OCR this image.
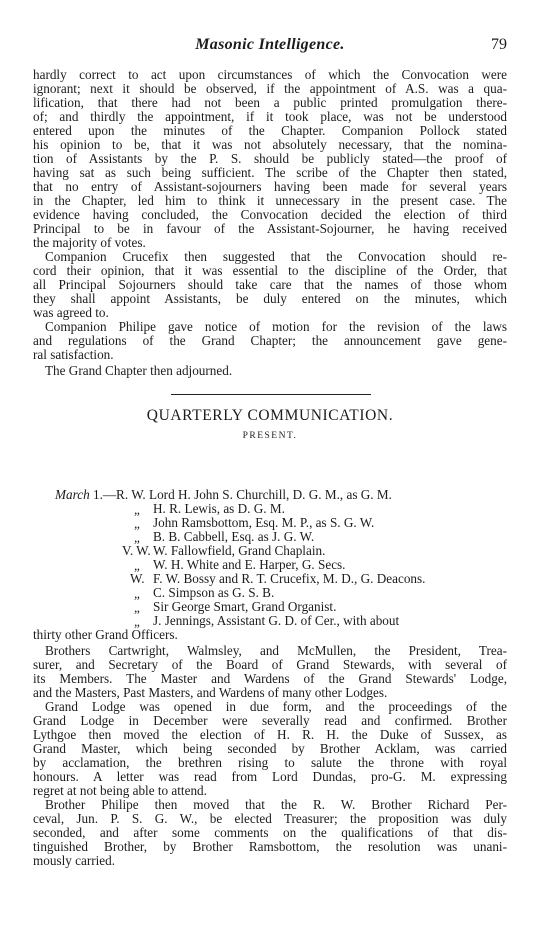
Masonic Intelligence.	79
hardly correct to act upon circumstances of which the Convocation were
ignorant; next it should be observed, if the appointment of A.S. was a qua-
lification, that there had not been a public printed promulgation there-
of; and thirdly the appointment, if it took place, was not be understood
entered upon the minutes of the Chapter. Companion Pollock stated
his opinion to be, that it was not absolutely necessary, that the nomina-
tion of Assistants by the P. S. should be publicly stated—the proof of
having sat as such being sufficient. The scribe of the Chapter then stated,
that no entry of Assistant-sojourners having been made for several years
in the Chapter, led him to think it unnecessary in the present case. The
evidence having concluded, the Convocation decided the election of third
Principal to be in favour of the Assistant-Sojourner, he having received
the majority of votes.
Companion Crucefix then suggested that the Convocation should re-
cord their opinion, that it was essential to the discipline of the Order, that
all Principal Sojourners should take care that the names of those whom
they shall appoint Assistants, be duly entered on the minutes, which
was agreed to.
Companion Philipe gave notice of motion for the revision of the laws
and regulations of the Grand Chapter; the announcement gave gene-
ral satisfaction.
The Grand Chapter then adjourned.
QUARTERLY COMMUNICATION.
PRESENT.
March 1.—R. W. Lord H. John S. Churchill, D. G. M., as G. M.
„ H. R. Lewis, as D. G. M.
„ John Ramsbottom, Esq. M. P., as S. G. W.
„ B. B. Cabbell, Esq. as J. G. W.
V. W. W. Fallowfield, Grand Chaplain.
„ W. H. White and E. Harper, G. Secs.
W. F. W. Bossy and R. T. Crucefix, M. D., G. Deacons.
„ C. Simpson as G. S. B.
„ Sir George Smart, Grand Organist.
„ J. Jennings, Assistant G. D. of Cer., with about
thirty other Grand Officers.
Brothers Cartwright, Walmsley, and McMullen, the President, Trea-
surer, and Secretary of the Board of Grand Stewards, with several of
its Members. The Master and Wardens of the Grand Stewards' Lodge,
and the Masters, Past Masters, and Wardens of many other Lodges.
Grand Lodge was opened in due form, and the proceedings of the
Grand Lodge in December were severally read and confirmed. Brother
Lythgoe then moved the election of H. R. H. the Duke of Sussex, as
Grand Master, which being seconded by Brother Acklam, was carried
by acclamation, the brethren rising to salute the throne with royal
honours. A letter was read from Lord Dundas, pro-G. M. expressing
regret at not being able to attend.
Brother Philipe then moved that the R. W. Brother Richard Per-
ceval, Jun. P. S. G. W., be elected Treasurer; the proposition was duly
seconded, and after some comments on the qualifications of that dis-
tinguished Brother, by Brother Ramsbottom, the resolution was unani-
mously carried.
